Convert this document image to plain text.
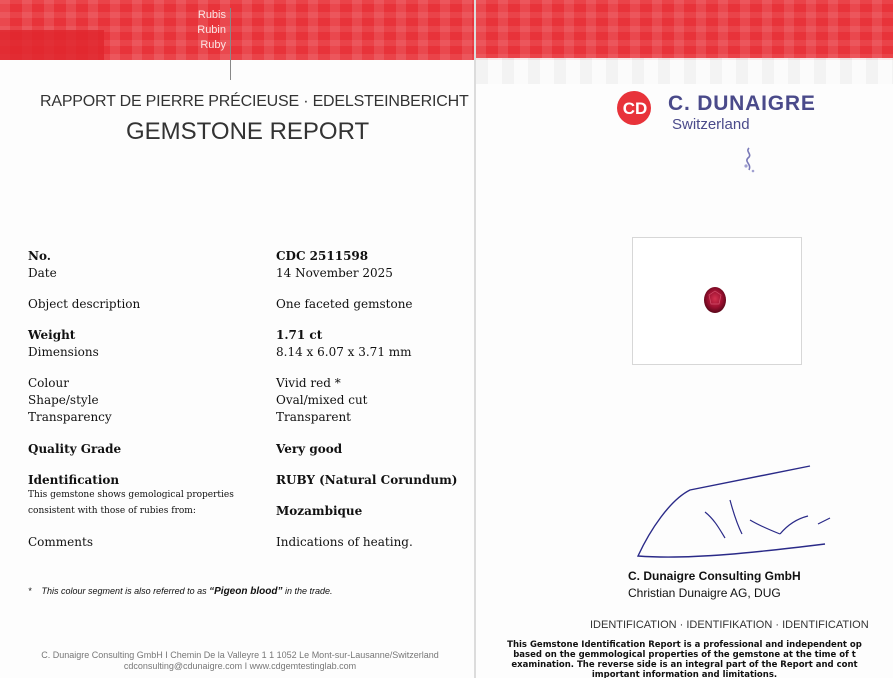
Rubis
Rubin
Ruby
RAPPORT DE PIERRE PRÉCIEUSE · EDELSTEINBERICHT
GEMSTONE REPORT
No.
Date
Object description
Weight
Dimensions
Colour
Shape/style
Transparency
Quality Grade
Identification
This gemstone shows gemological properties
consistent with those of rubies from:
Comments
CDC 2511598
14 November 2025
One faceted gemstone
1.71 ct
8.14 x 6.07 x 3.71 mm
Vivid red *
Oval/mixed cut
Transparent
Very good
RUBY (Natural Corundum)
Mozambique
Indications of heating.
* This colour segment is also referred to as “Pigeon blood” in the trade.
C. Dunaigre Consulting GmbH I Chemin De la Valleyre 1 1 1052 Le Mont-sur-Lausanne/Switzerland
cdconsulting@cdunaigre.com I www.cdgemtestinglab.com
CD C. DUNAIGRE
Switzerland
C. Dunaigre Consulting GmbH
Christian Dunaigre AG, DUG
IDENTIFICATION · IDENTIFIKATION · IDENTIFICATION
This Gemstone Identification Report is a professional and independent op
based on the gemmological properties of the gemstone at the time of t
examination. The reverse side is an integral part of the Report and cont
important information and limitations.
